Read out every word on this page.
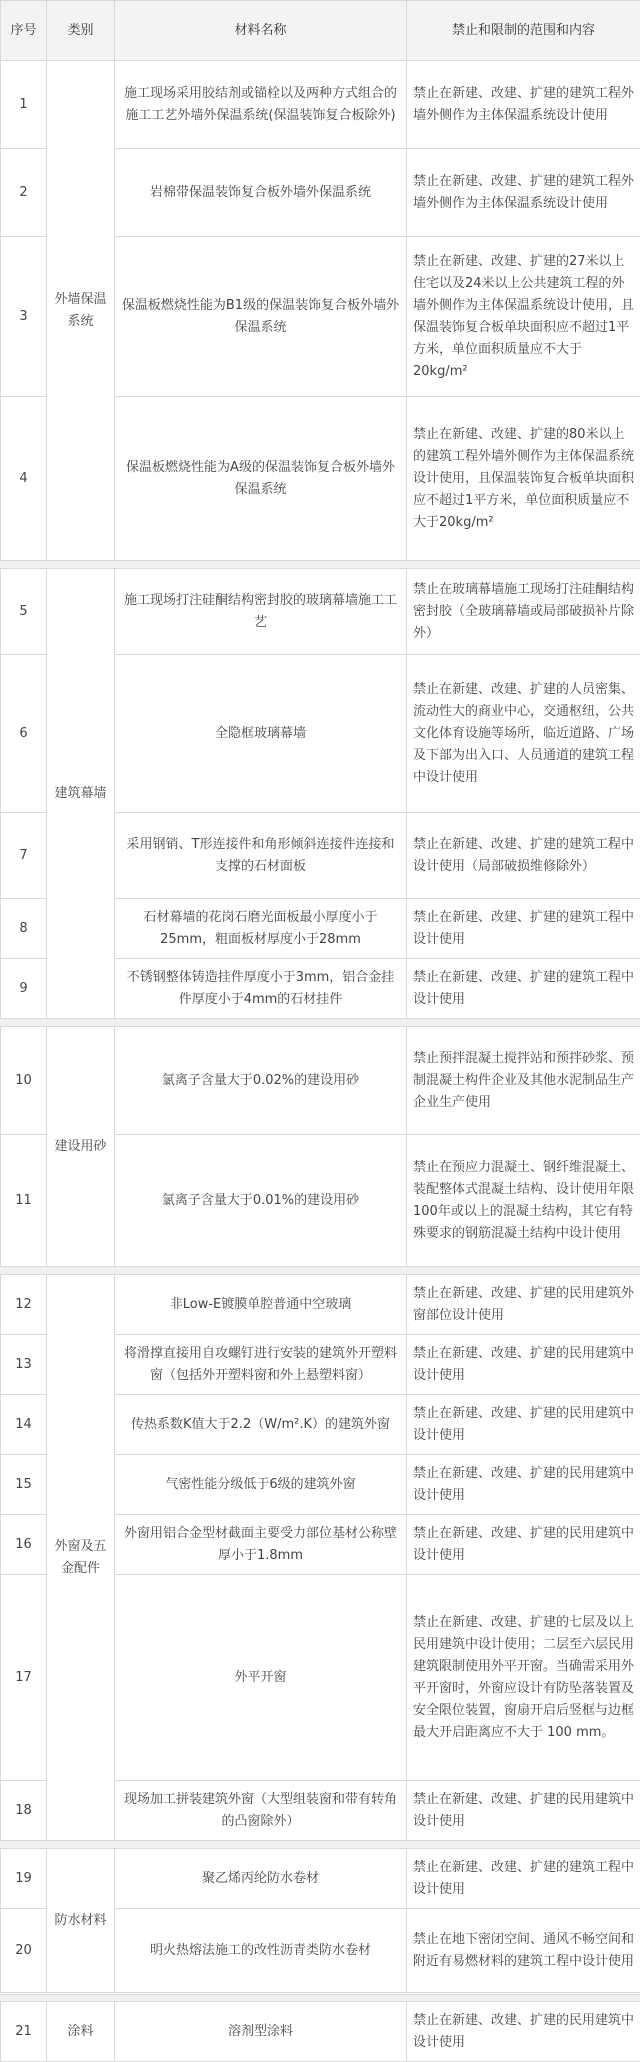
序号	类别	材料名称	禁止和限制的范围和内容
1	外墙保温系统	施工现场采用胶结剂或锚栓以及两种方式组合的施工工艺外墙外保温系统(保温装饰复合板除外)	禁止在新建、改建、扩建的建筑工程外墙外侧作为主体保温系统设计使用
2		岩棉带保温装饰复合板外墙外保温系统	禁止在新建、改建、扩建的建筑工程外墙外侧作为主体保温系统设计使用
3		保温板燃烧性能为B1级的保温装饰复合板外墙外保温系统	禁止在新建、改建、扩建的27米以上住宅以及24米以上公共建筑工程的外墙外侧作为主体保温系统设计使用，且保温装饰复合板单块面积应不超过1平方米，单位面积质量应不大于20kg/m²
4		保温板燃烧性能为A级的保温装饰复合板外墙外保温系统	禁止在新建、改建、扩建的80米以上的建筑工程外墙外侧作为主体保温系统设计使用，且保温装饰复合板单块面积应不超过1平方米，单位面积质量应不大于20kg/m²
5	建筑幕墙	施工现场打注硅酮结构密封胶的玻璃幕墙施工工艺	禁止在玻璃幕墙施工现场打注硅酮结构密封胶（全玻璃幕墙或局部破损补片除外）
6		全隐框玻璃幕墙	禁止在新建、改建、扩建的人员密集、流动性大的商业中心，交通枢纽，公共文化体育设施等场所，临近道路、广场及下部为出入口、人员通道的建筑工程中设计使用
7		采用钢销、T形连接件和角形倾斜连接件连接和支撑的石材面板	禁止在新建、改建、扩建的建筑工程中设计使用（局部破损维修除外）
8		石材幕墙的花岗石磨光面板最小厚度小于25mm，粗面板材厚度小于28mm	禁止在新建、改建、扩建的建筑工程中设计使用
9		不锈钢整体铸造挂件厚度小于3mm，铝合金挂件厚度小于4mm的石材挂件	禁止在新建、改建、扩建的建筑工程中设计使用
10	建设用砂	氯离子含量大于0.02%的建设用砂	禁止预拌混凝土搅拌站和预拌砂浆、预制混凝土构件企业及其他水泥制品生产企业生产使用
11		氯离子含量大于0.01%的建设用砂	禁止在预应力混凝土、钢纤维混凝土、装配整体式混凝土结构、设计使用年限100年或以上的混凝土结构，其它有特殊要求的钢筋混凝土结构中设计使用
12	外窗及五金配件	非Low-E镀膜单腔普通中空玻璃	禁止在新建、改建、扩建的民用建筑外窗部位设计使用
13		将滑撑直接用自攻螺钉进行安装的建筑外开塑料窗（包括外开塑料窗和外上悬塑料窗）	禁止在新建、改建、扩建的民用建筑中设计使用
14		传热系数K值大于2.2（W/m².K）的建筑外窗	禁止在新建、改建、扩建的民用建筑中设计使用
15		气密性能分级低于6级的建筑外窗	禁止在新建、改建、扩建的民用建筑中设计使用
16		外窗用铝合金型材截面主要受力部位基材公称壁厚小于1.8mm	禁止在新建、改建、扩建的民用建筑中设计使用
17		外平开窗	禁止在新建、改建、扩建的七层及以上民用建筑中设计使用；二层至六层民用建筑限制使用外平开窗。当确需采用外平开窗时，外窗应设计有防坠落装置及安全限位装置，窗扇开启后竖框与边框最大开启距离应不大于 100 mm。
18		现场加工拼装建筑外窗（大型组装窗和带有转角的凸窗除外）	禁止在新建、改建、扩建的民用建筑中设计使用
19	防水材料	聚乙烯丙纶防水卷材	禁止在新建、改建、扩建的建筑工程中设计使用
20		明火热熔法施工的改性沥青类防水卷材	禁止在地下密闭空间、通风不畅空间和附近有易燃材料的建筑工程中设计使用
21	涂料	溶剂型涂料	禁止在新建、改建、扩建的民用建筑中设计使用
